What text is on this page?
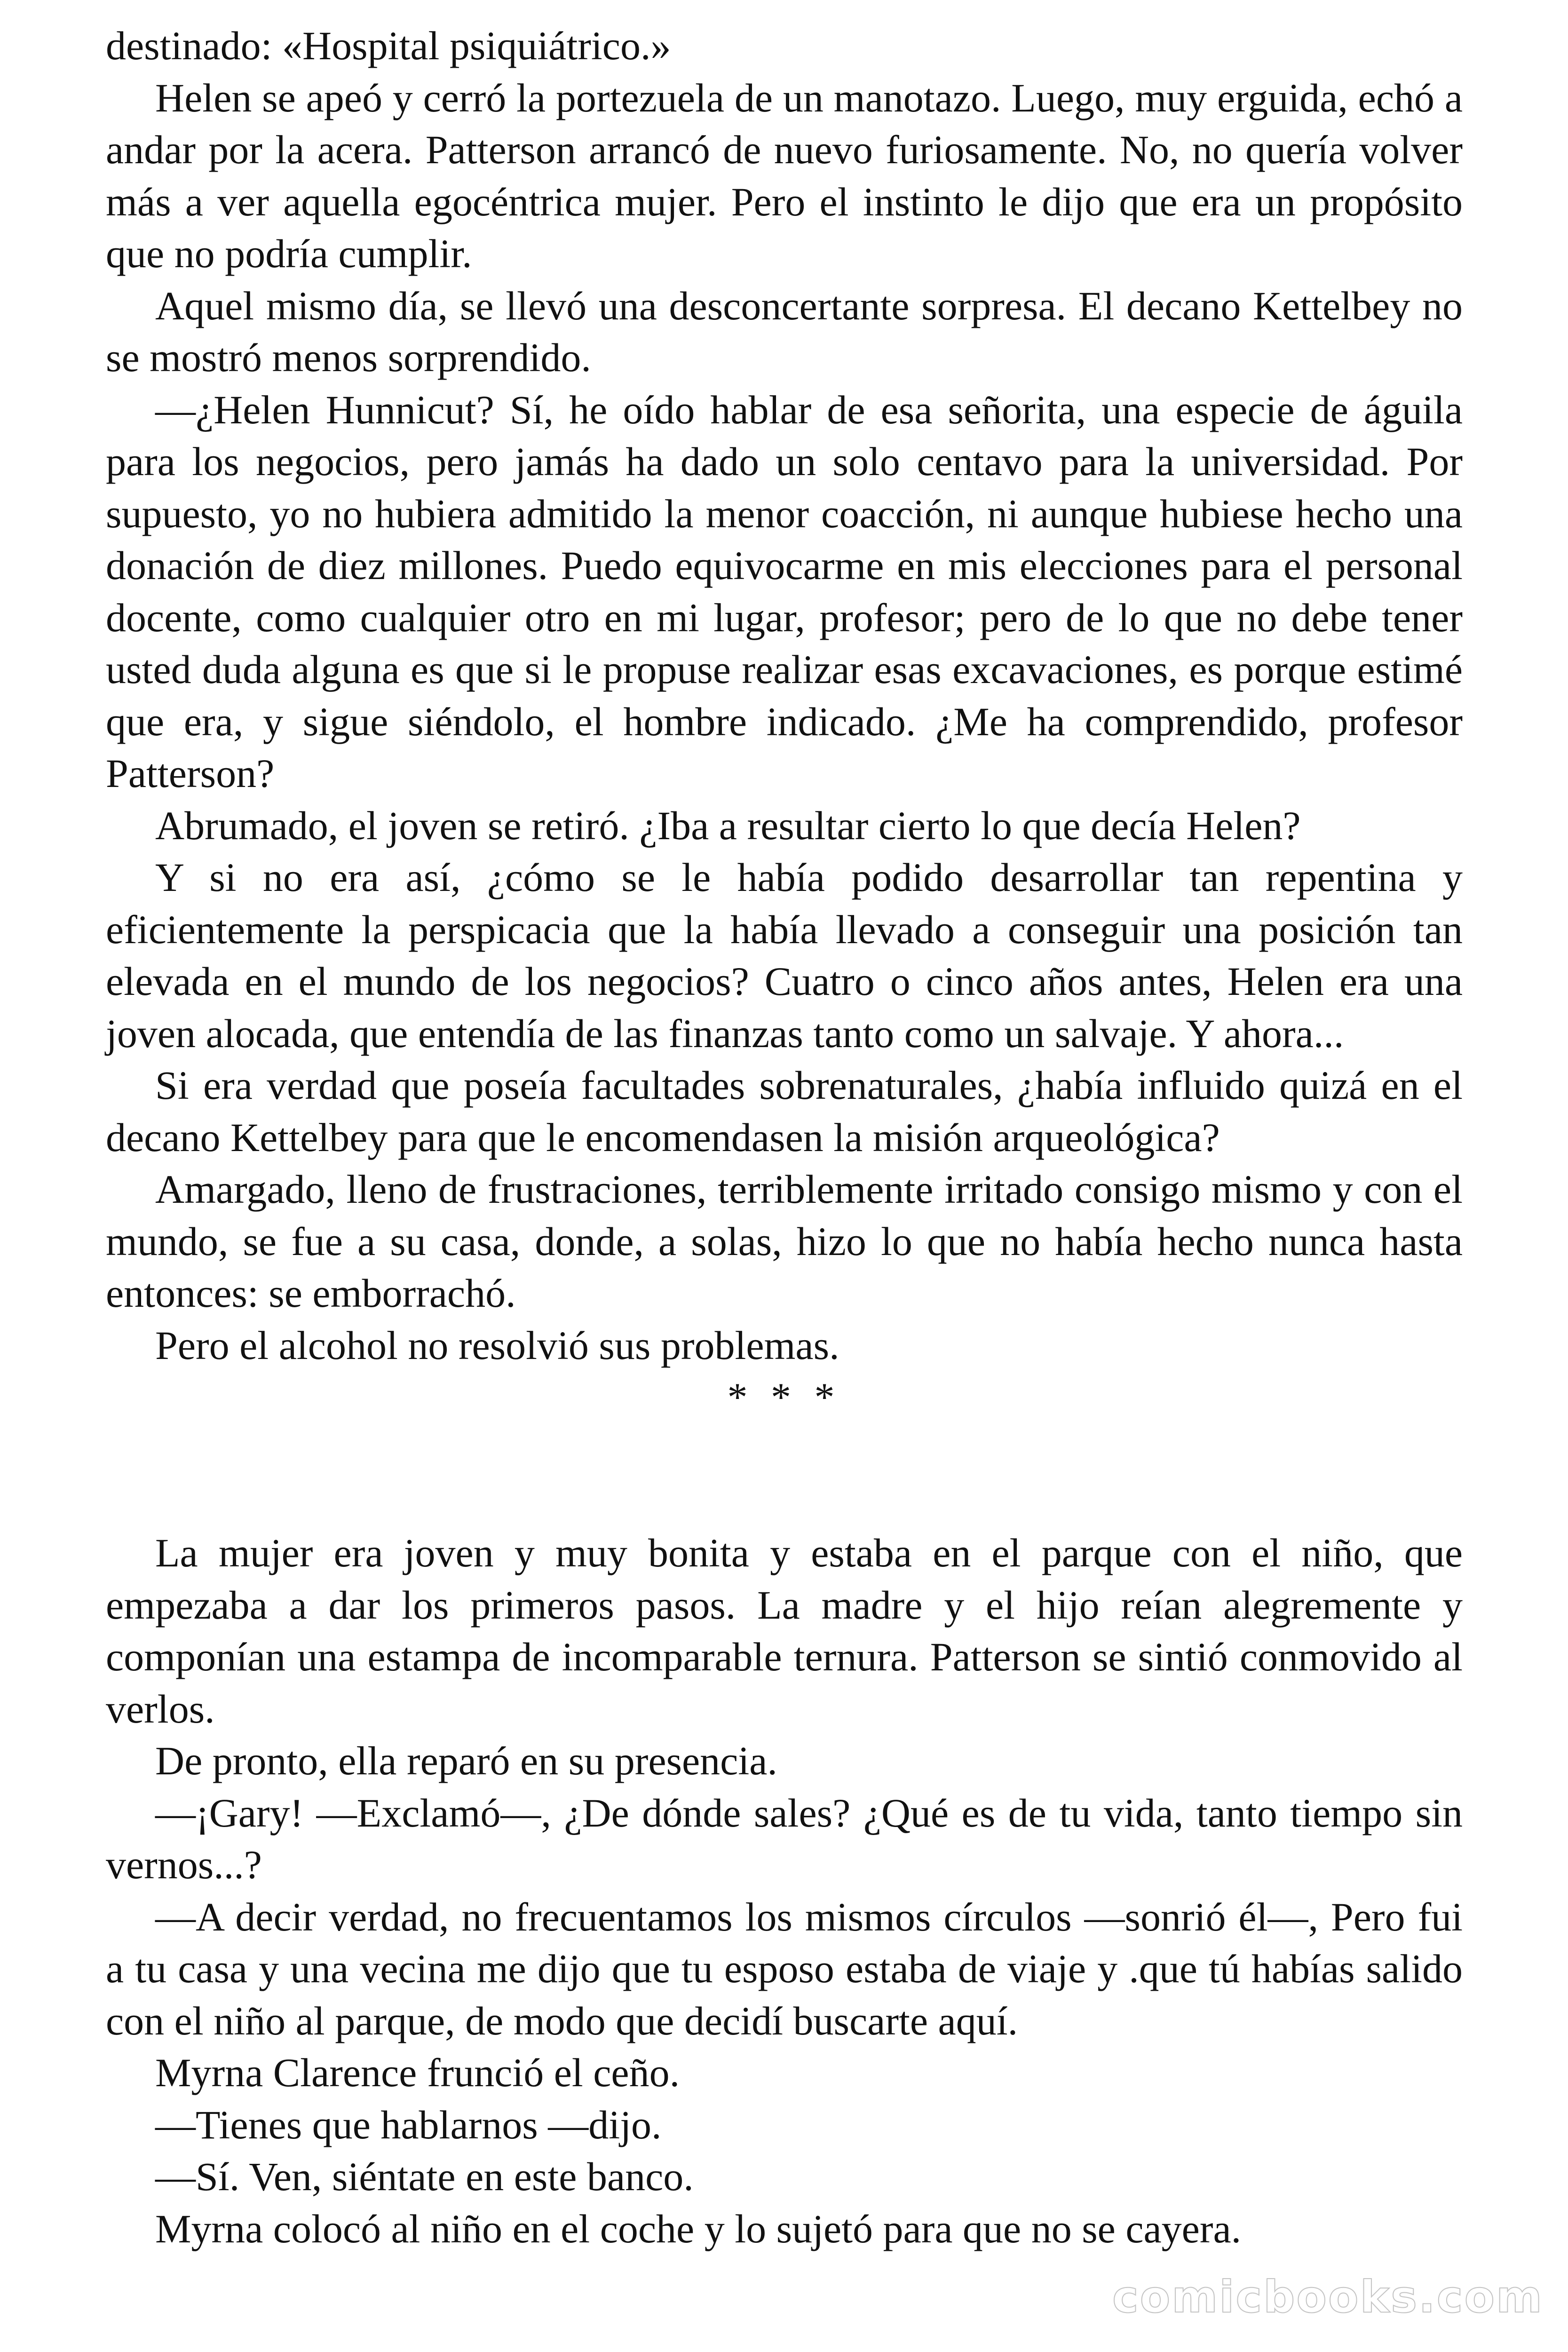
destinado: «Hospital psiquiátrico.»

Helen se apeó y cerró la portezuela de un manotazo. Luego, muy erguida, echó a andar por la acera. Patterson arrancó de nuevo furiosamente. No, no quería volver más a ver aquella egocéntrica mujer. Pero el instinto le dijo que era un propósito que no podría cumplir.

Aquel mismo día, se llevó una desconcertante sorpresa. El decano Kettelbey no se mostró menos sorprendido.

—¿Helen Hunnicut? Sí, he oído hablar de esa señorita, una especie de águila para los negocios, pero jamás ha dado un solo centavo para la universidad. Por supuesto, yo no hubiera admitido la menor coacción, ni aunque hubiese hecho una donación de diez millones. Puedo equivocarme en mis elecciones para el personal docente, como cualquier otro en mi lugar, profesor; pero de lo que no debe tener usted duda alguna es que si le propuse realizar esas excavaciones, es porque estimé que era, y sigue siéndolo, el hombre indicado. ¿Me ha comprendido, profesor Patterson?

Abrumado, el joven se retiró. ¿Iba a resultar cierto lo que decía Helen?

Y si no era así, ¿cómo se le había podido desarrollar tan repentina y eficientemente la perspicacia que la había llevado a conseguir una posición tan elevada en el mundo de los negocios? Cuatro o cinco años antes, Helen era una joven alocada, que entendía de las finanzas tanto como un salvaje. Y ahora...

Si era verdad que poseía facultades sobrenaturales, ¿había influido quizá en el decano Kettelbey para que le encomendasen la misión arqueológica?

Amargado, lleno de frustraciones, terriblemente irritado consigo mismo y con el mundo, se fue a su casa, donde, a solas, hizo lo que no había hecho nunca hasta entonces: se emborrachó.

Pero el alcohol no resolvió sus problemas.

* * *

La mujer era joven y muy bonita y estaba en el parque con el niño, que empezaba a dar los primeros pasos. La madre y el hijo reían alegremente y componían una estampa de incomparable ternura. Patterson se sintió conmovido al verlos.

De pronto, ella reparó en su presencia.

—¡Gary! —Exclamó—, ¿De dónde sales? ¿Qué es de tu vida, tanto tiempo sin vernos...?

—A decir verdad, no frecuentamos los mismos círculos —sonrió él—, Pero fui a tu casa y una vecina me dijo que tu esposo estaba de viaje y .que tú habías salido con el niño al parque, de modo que decidí buscarte aquí.

Myrna Clarence frunció el ceño.

—Tienes que hablarnos —dijo.

—Sí. Ven, siéntate en este banco.

Myrna colocó al niño en el coche y lo sujetó para que no se cayera.

comicbooks.com
